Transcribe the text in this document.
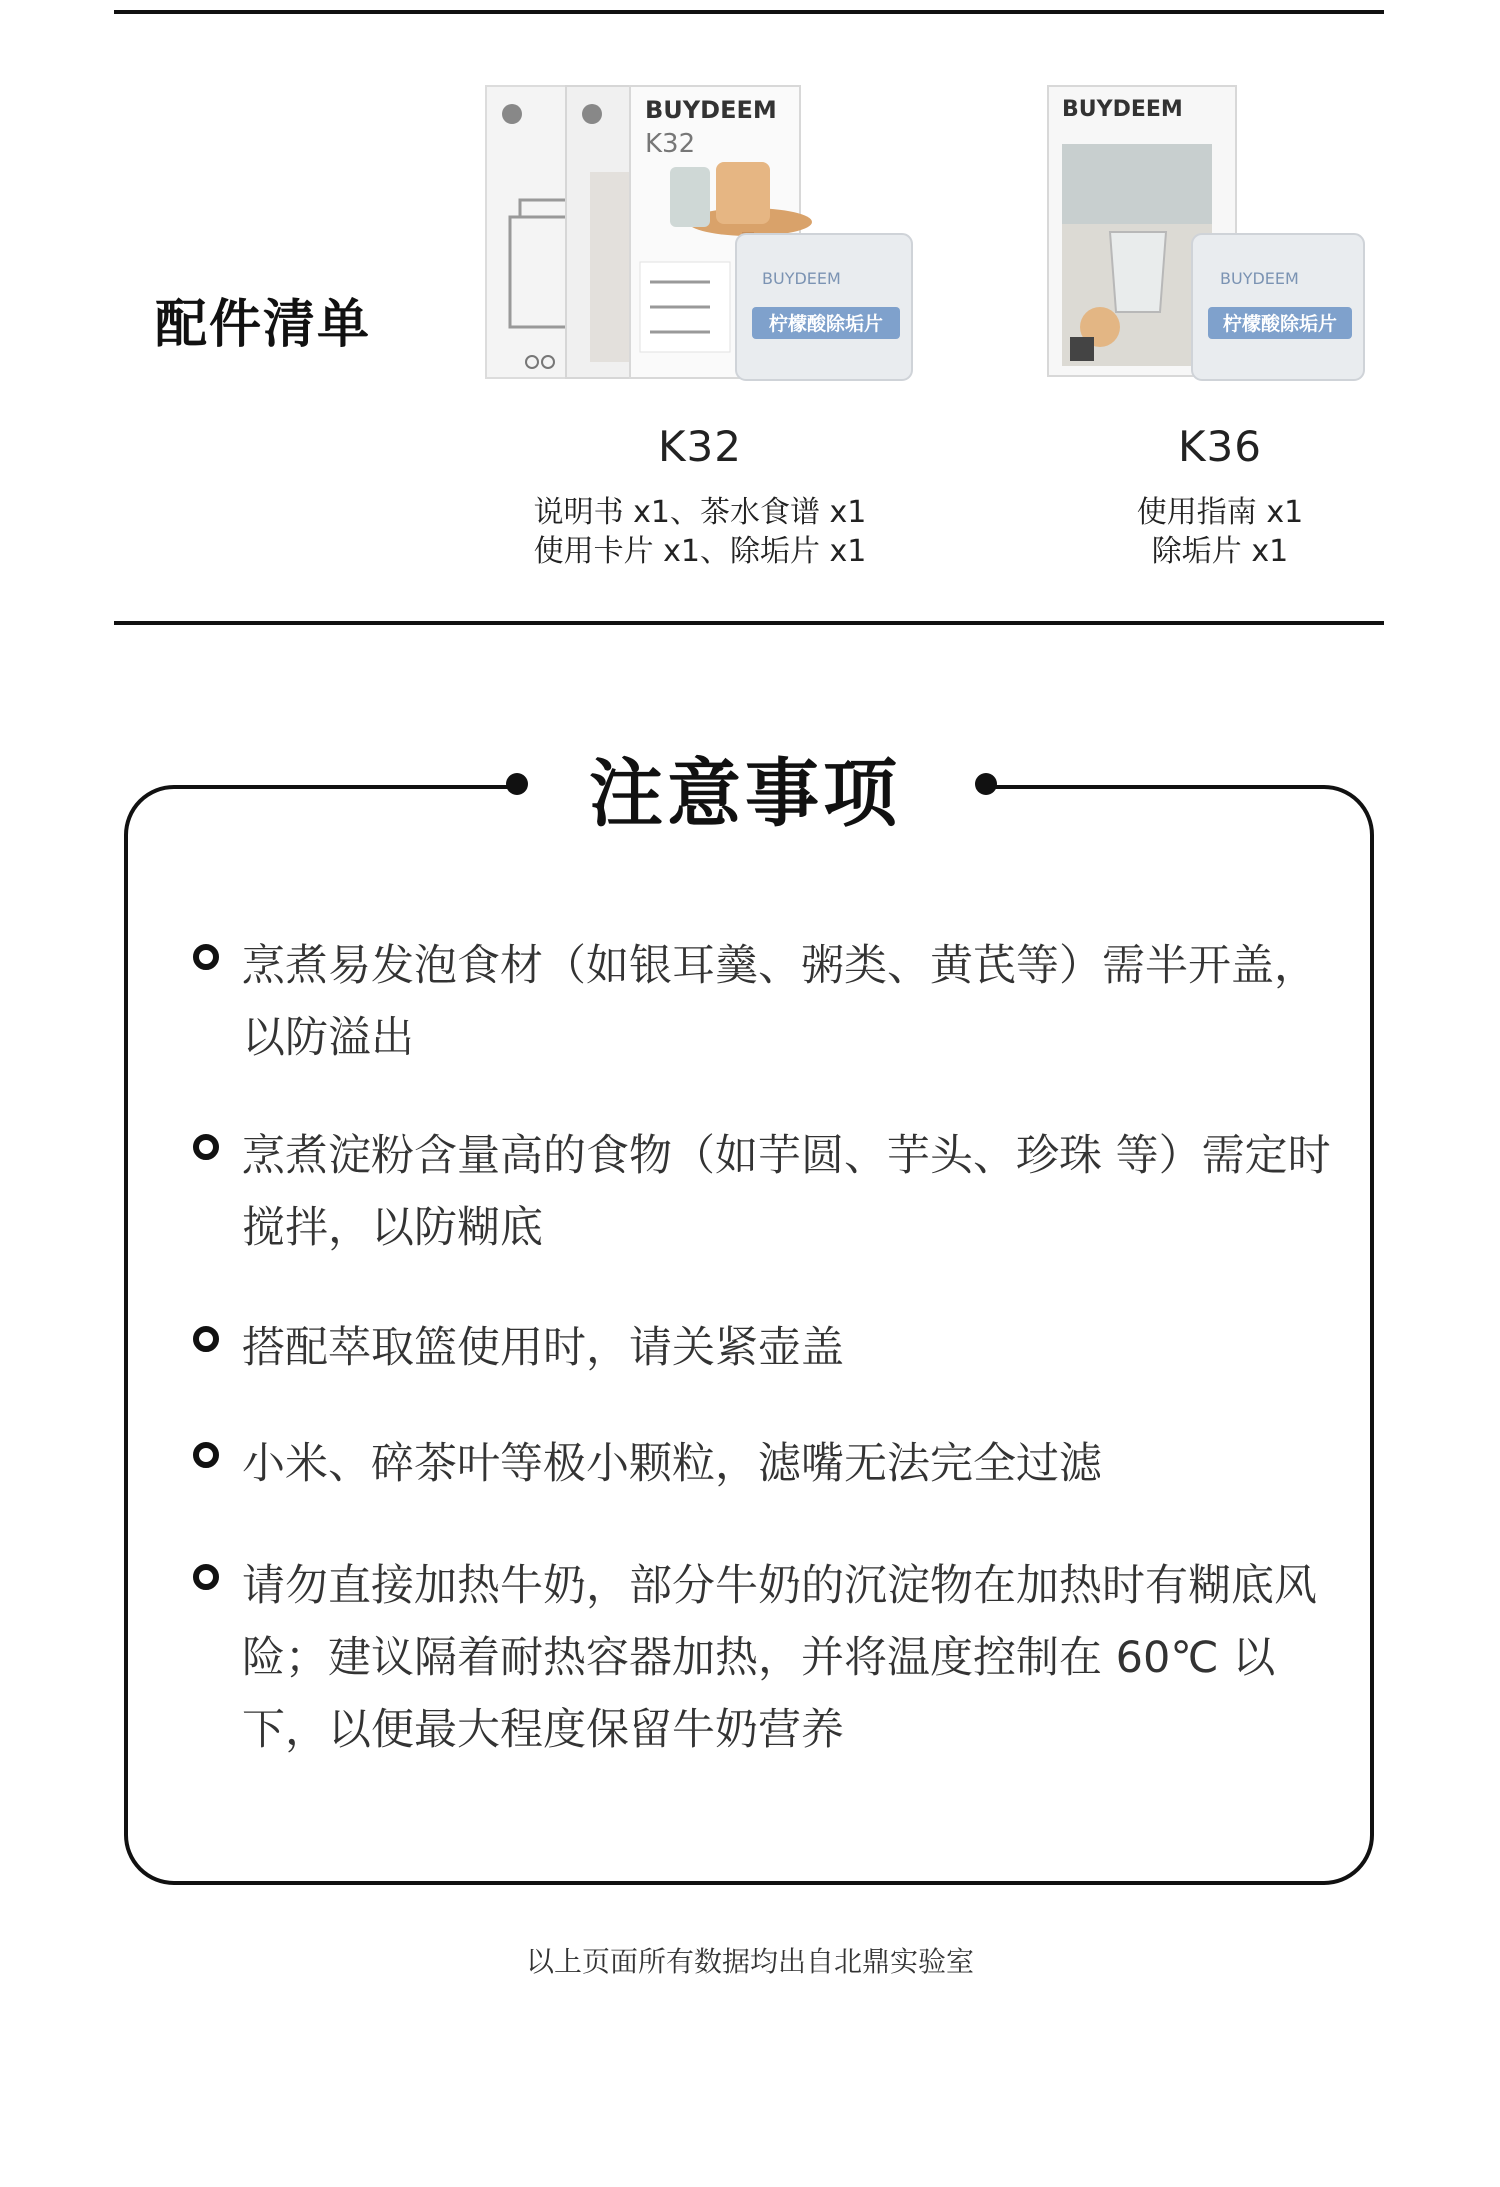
配件清单
BUYDEEM
K32
BUYDEEM
柠檬酸除垢片
K32
说明书 x1、茶水食谱 x1
使用卡片 x1、除垢片 x1
BUYDEEM
BUYDEEM
柠檬酸除垢片
K36
使用指南 x1
除垢片 x1
注意事项
烹煮易发泡食材（如银耳羹、粥类、黄芪等）需半开盖，以防溢出
烹煮淀粉含量高的食物（如芋圆、芋头、珍珠 等）需定时搅拌，以防糊底
搭配萃取篮使用时，请关紧壶盖
小米、碎茶叶等极小颗粒，滤嘴无法完全过滤
请勿直接加热牛奶，部分牛奶的沉淀物在加热时有糊底风险；建议隔着耐热容器加热，并将温度控制在 60℃ 以下，以便最大程度保留牛奶营养
以上页面所有数据均出自北鼎实验室
